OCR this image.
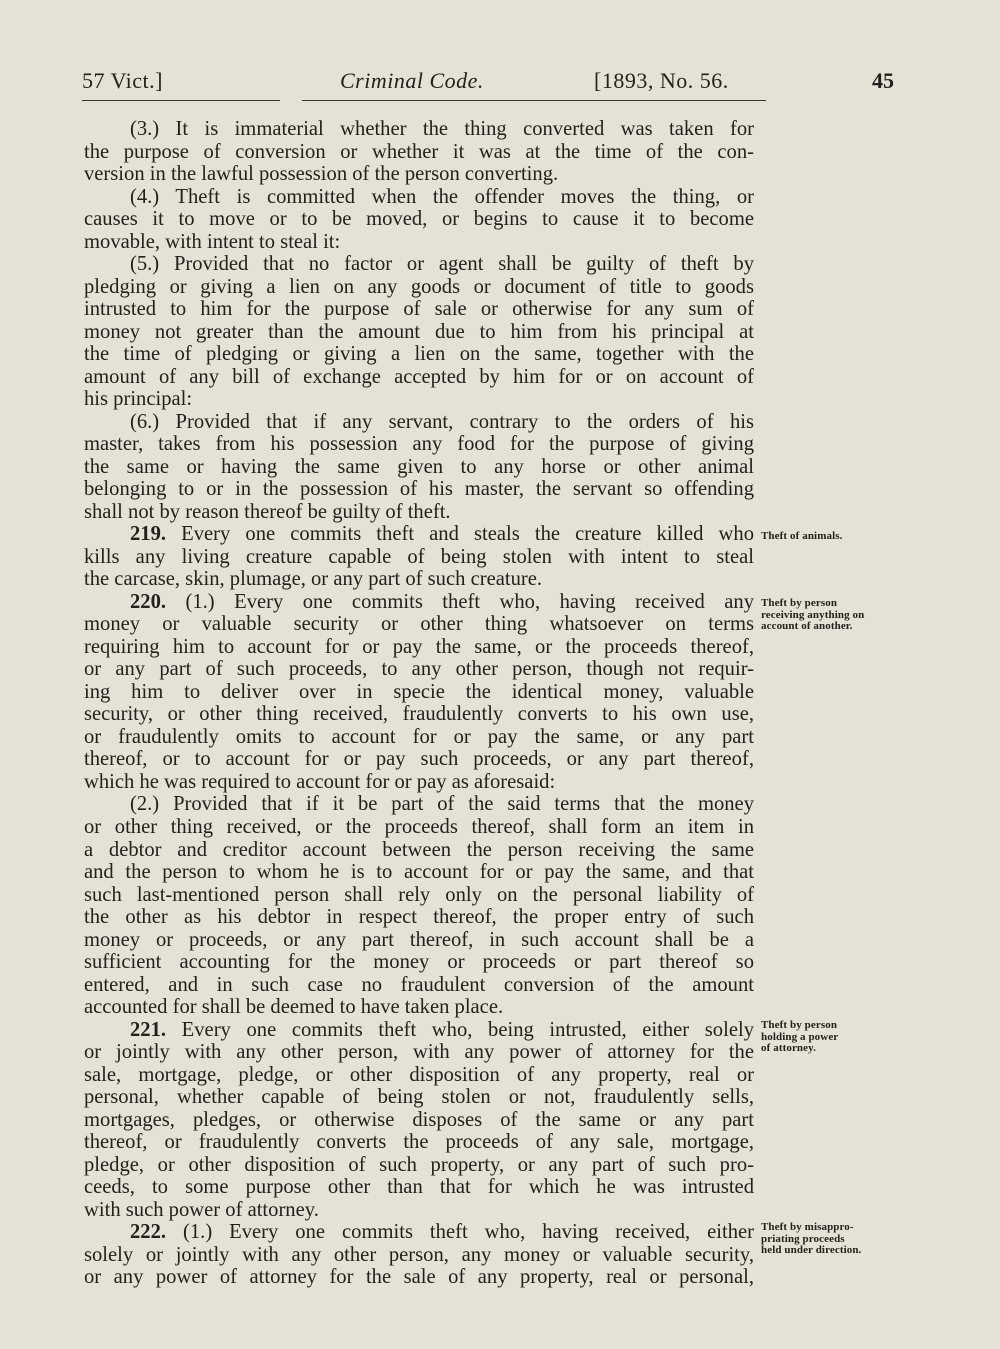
57 Vict.]	Criminal Code.	[1893, No. 56.	45
(3.) It is immaterial whether the thing converted was taken for
the purpose of conversion or whether it was at the time of the con-
version in the lawful possession of the person converting.
(4.) Theft is committed when the offender moves the thing, or
causes it to move or to be moved, or begins to cause it to become
movable, with intent to steal it:
(5.) Provided that no factor or agent shall be guilty of theft by
pledging or giving a lien on any goods or document of title to goods
intrusted to him for the purpose of sale or otherwise for any sum of
money not greater than the amount due to him from his principal at
the time of pledging or giving a lien on the same, together with the
amount of any bill of exchange accepted by him for or on account of
his principal:
(6.) Provided that if any servant, contrary to the orders of his
master, takes from his possession any food for the purpose of giving
the same or having the same given to any horse or other animal
belonging to or in the possession of his master, the servant so offending
shall not by reason thereof be guilty of theft.
219. Every one commits theft and steals the creature killed who
kills any living creature capable of being stolen with intent to steal
the carcase, skin, plumage, or any part of such creature.
220. (1.) Every one commits theft who, having received any
money or valuable security or other thing whatsoever on terms
requiring him to account for or pay the same, or the proceeds thereof,
or any part of such proceeds, to any other person, though not requir-
ing him to deliver over in specie the identical money, valuable
security, or other thing received, fraudulently converts to his own use,
or fraudulently omits to account for or pay the same, or any part
thereof, or to account for or pay such proceeds, or any part thereof,
which he was required to account for or pay as aforesaid:
(2.) Provided that if it be part of the said terms that the money
or other thing received, or the proceeds thereof, shall form an item in
a debtor and creditor account between the person receiving the same
and the person to whom he is to account for or pay the same, and that
such last-mentioned person shall rely only on the personal liability of
the other as his debtor in respect thereof, the proper entry of such
money or proceeds, or any part thereof, in such account shall be a
sufficient accounting for the money or proceeds or part thereof so
entered, and in such case no fraudulent conversion of the amount
accounted for shall be deemed to have taken place.
221. Every one commits theft who, being intrusted, either solely
or jointly with any other person, with any power of attorney for the
sale, mortgage, pledge, or other disposition of any property, real or
personal, whether capable of being stolen or not, fraudulently sells,
mortgages, pledges, or otherwise disposes of the same or any part
thereof, or fraudulently converts the proceeds of any sale, mortgage,
pledge, or other disposition of such property, or any part of such pro-
ceeds, to some purpose other than that for which he was intrusted
with such power of attorney.
222. (1.) Every one commits theft who, having received, either
solely or jointly with any other person, any money or valuable security,
or any power of attorney for the sale of any property, real or personal,
Theft of animals.
Theft by person
receiving anything on
account of another.
Theft by person
holding a power
of attorney.
Theft by misappro-
priating proceeds
held under direction.
